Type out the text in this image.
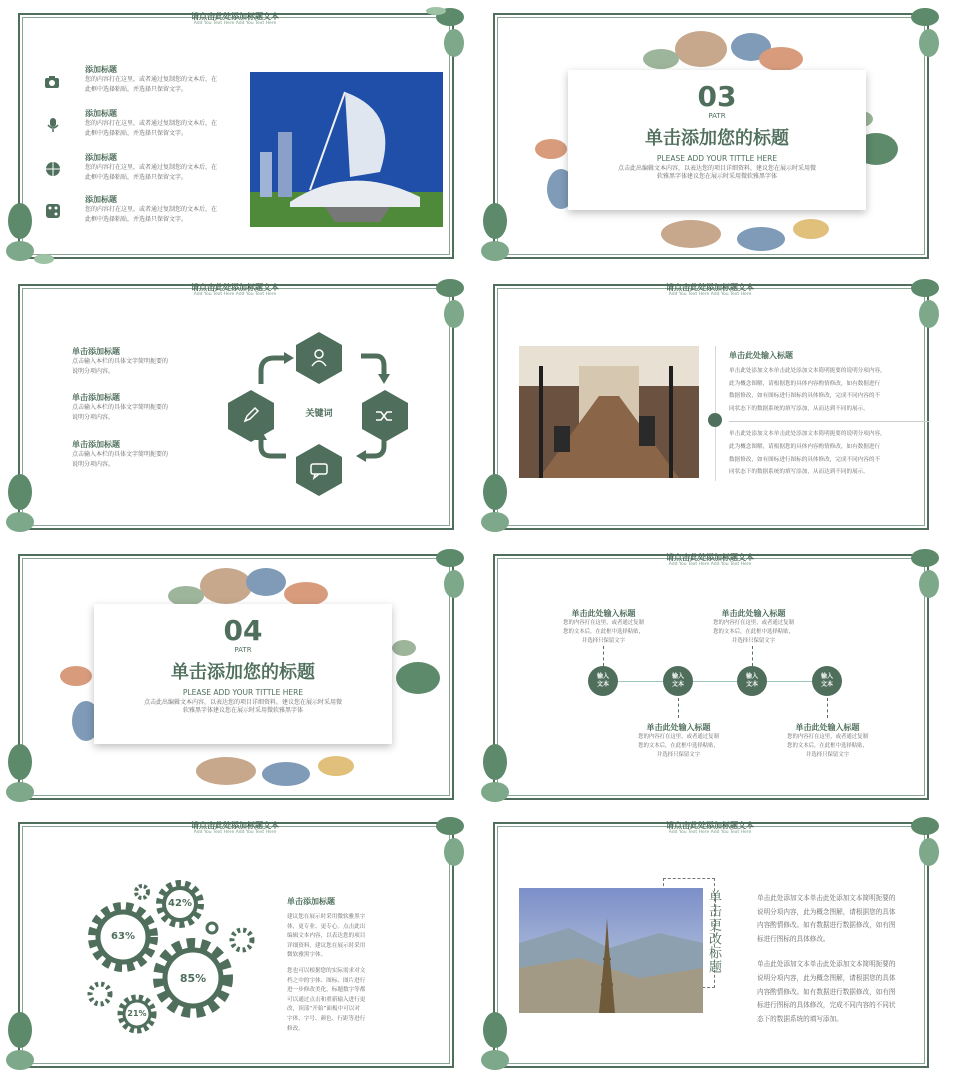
请点击此处添加标题文本
Add You Text Here Add You Text Here
添加标题
您的内容打在这里，或者通过复制您的文本后，在
此框中选择粘贴，并选择只保留文字。
添加标题
您的内容打在这里，或者通过复制您的文本后，在
此框中选择粘贴，并选择只保留文字。
添加标题
您的内容打在这里，或者通过复制您的文本后，在
此框中选择粘贴，并选择只保留文字。
添加标题
您的内容打在这里，或者通过复制您的文本后，在
此框中选择粘贴，并选择只保留文字。
03
PATR
单击添加您的标题
PLEASE ADD YOUR TITTLE HERE
点击此出编辑文本内容，以表达您的项目详细资料，建议您在展示时采用微
软雅黑字体建议您在展示时采用微软雅黑字体
请点击此处添加标题文本
Add You Text Here Add You Text Here
单击添加标题
点击输入本栏的具体文字简明扼要的
说明分项内容。
单击添加标题
点击输入本栏的具体文字简明扼要的
说明分项内容。
单击添加标题
点击输入本栏的具体文字简明扼要的
说明分项内容。
关键词
请点击此处添加标题文本
Add You Text Here Add You Text Here
单击此处输入标题
单击此处添加文本单击此处添加文本简明扼要的说明分项内容，
此为概念图解，请根据您的具体内容酌情修改，如有数据进行
数据修改，如有图标进行图标的具体修改，完成不同内容的不
同状态下的数据系统的填写添加，从而达到不同的展示。
单击此处添加文本单击此处添加文本简明扼要的说明分项内容，
此为概念图解，请根据您的具体内容酌情修改，如有数据进行
数据修改，如有图标进行图标的具体修改，完成不同内容的不
同状态下的数据系统的填写添加，从而达到不同的展示。
04
PATR
单击添加您的标题
PLEASE ADD YOUR TITTLE HERE
点击此出编辑文本内容，以表达您的项目详细资料，建议您在展示时采用微
软雅黑字体建议您在展示时采用微软雅黑字体
请点击此处添加标题文本
Add You Text Here Add You Text Here
输入
文本
输入
文本
输入
文本
输入
文本
单击此处输入标题
您的内容打在这里，或者通过复制
您的文本后，在此框中选择粘贴，
并选择只保留文字
单击此处输入标题
您的内容打在这里，或者通过复制
您的文本后，在此框中选择粘贴，
并选择只保留文字
单击此处输入标题
您的内容打在这里，或者通过复制
您的文本后，在此框中选择粘贴，
并选择只保留文字
单击此处输入标题
您的内容打在这里，或者通过复制
您的文本后，在此框中选择粘贴，
并选择只保留文字
请点击此处添加标题文本
Add You Text Here Add You Text Here
42%
63%
85%
21%
单击添加标题
建议您在展示时采用微软雅黑字
体，更专业、更专心。点击此出
编辑文本内容，以表达您的项目
详细资料，建议您在展示时采用
微软雅黑字体。
您也可以根据您的实际需求对文
档之中的字体、图标、图片进行
进一步修改美化，标题数字等都
可以通过点击和重新输入进行更
改，顶部“开始”面板中可以对
字体、字号、颜色、行距等进行
修改。
请点击此处添加标题文本
Add You Text Here Add You Text Here
单击更改标题	单击此处添加文本单击此处添加文本简明扼要的
说明分项内容，此为概念图解，请根据您的具体
内容酌情修改。如有数据进行数据修改，如有图
标进行图标的具体修改。
单击此处添加文本单击此处添加文本简明扼要的
说明分项内容，此为概念图解，请根据您的具体
内容酌情修改。如有数据进行数据修改，如有图
标进行图标的具体修改，完成不同内容的不同状
态下的数据系统的填写添加。
